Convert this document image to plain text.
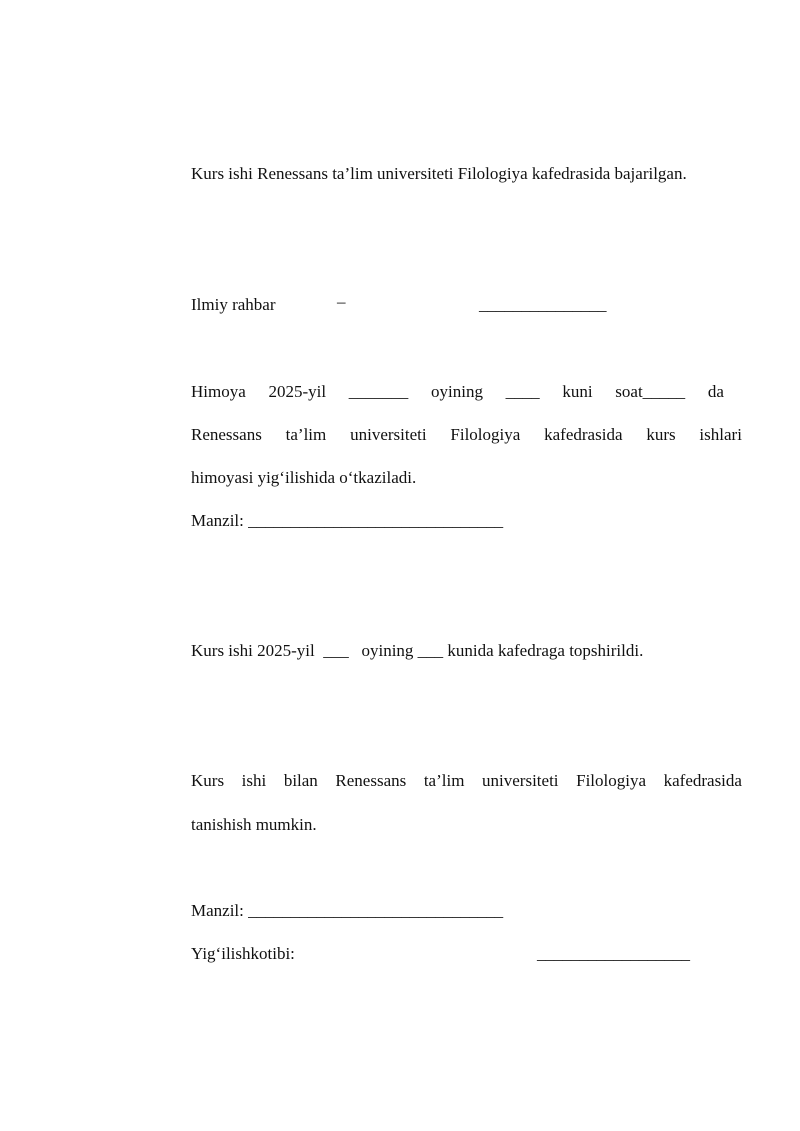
Kurs ishi Renessans ta’lim universiteti Filologiya kafedrasida bajarilgan.
Ilmiy rahbar	–	_______________
Himoya 2025-yil _______ oyining ____ kuni soat_____ da
Renessans ta’lim universiteti Filologiya kafedrasida kurs ishlari
himoyasi yig‘ilishida o‘tkaziladi.
Manzil: ______________________________
Kurs ishi 2025-yil  ___   oyining ___ kunida kafedraga topshirildi.
Kurs ishi bilan Renessans ta’lim universiteti Filologiya kafedrasida
tanishish mumkin.
Manzil: ______________________________
Yig‘ilishkotibi:	__________________
